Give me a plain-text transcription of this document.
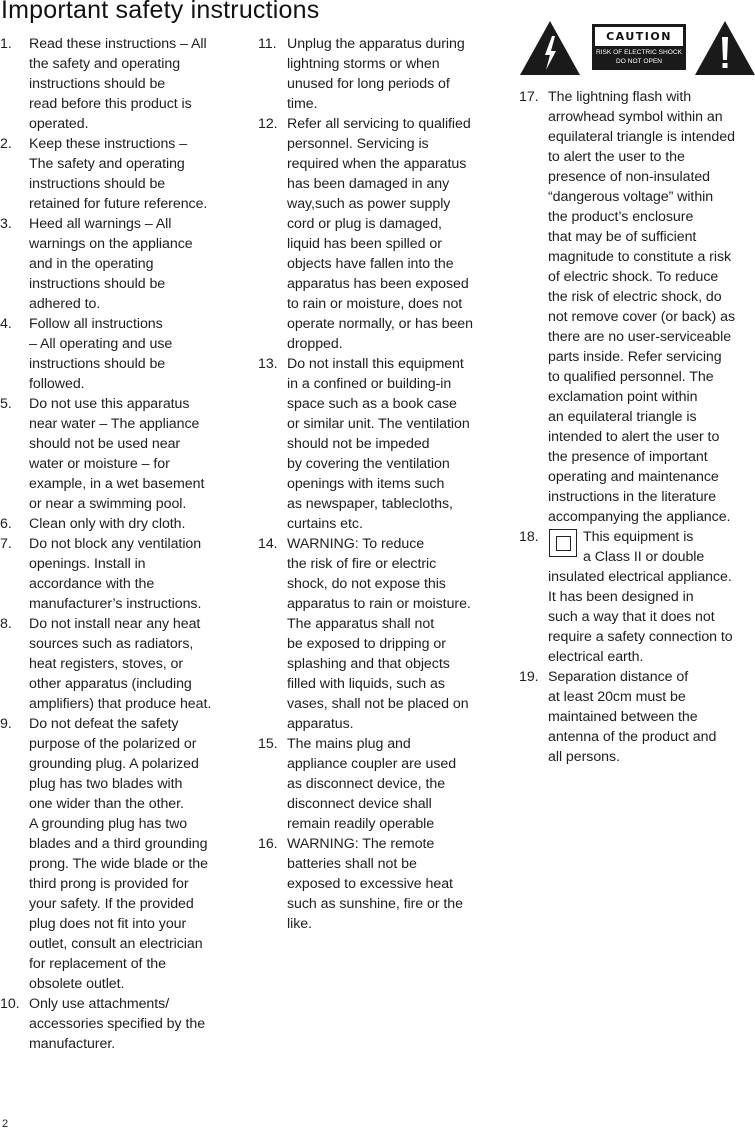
Important safety instructions
CAUTION
RISK OF ELECTRIC SHOCK
DO NOT OPEN
1. Read these instructions – All
the safety and operating
instructions should be
read before this product is
operated.
2. Keep these instructions –
The safety and operating
instructions should be
retained for future reference.
3. Heed all warnings – All
warnings on the appliance
and in the operating
instructions should be
adhered to.
4. Follow all instructions
– All operating and use
instructions should be
followed.
5. Do not use this apparatus
near water – The appliance
should not be used near
water or moisture – for
example, in a wet basement
or near a swimming pool.
6. Clean only with dry cloth.
7. Do not block any ventilation
openings. Install in
accordance with the
manufacturer’s instructions.
8. Do not install near any heat
sources such as radiators,
heat registers, stoves, or
other apparatus (including
amplifiers) that produce heat.
9. Do not defeat the safety
purpose of the polarized or
grounding plug. A polarized
plug has two blades with
one wider than the other.
A grounding plug has two
blades and a third grounding
prong. The wide blade or the
third prong is provided for
your safety. If the provided
plug does not fit into your
outlet, consult an electrician
for replacement of the
obsolete outlet.
10. Only use attachments/
accessories specified by the
manufacturer.
11. Unplug the apparatus during
lightning storms or when
unused for long periods of
time.
12. Refer all servicing to qualified
personnel. Servicing is
required when the apparatus
has been damaged in any
way,such as power supply
cord or plug is damaged,
liquid has been spilled or
objects have fallen into the
apparatus has been exposed
to rain or moisture, does not
operate normally, or has been
dropped.
13. Do not install this equipment
in a confined or building-in
space such as a book case
or similar unit. The ventilation
should not be impeded
by covering the ventilation
openings with items such
as newspaper, tablecloths,
curtains etc.
14. WARNING: To reduce
the risk of fire or electric
shock, do not expose this
apparatus to rain or moisture.
The apparatus shall not
be exposed to dripping or
splashing and that objects
filled with liquids, such as
vases, shall not be placed on
apparatus.
15. The mains plug and
appliance coupler are used
as disconnect device, the
disconnect device shall
remain readily operable
16. WARNING: The remote
batteries shall not be
exposed to excessive heat
such as sunshine, fire or the
like.
17. The lightning flash with
arrowhead symbol within an
equilateral triangle is intended
to alert the user to the
presence of non-insulated
“dangerous voltage” within
the product’s enclosure
that may be of sufficient
magnitude to constitute a risk
of electric shock. To reduce
the risk of electric shock, do
not remove cover (or back) as
there are no user-serviceable
parts inside. Refer servicing
to qualified personnel. The
exclamation point within
an equilateral triangle is
intended to alert the user to
the presence of important
operating and maintenance
instructions in the literature
accompanying the appliance.
18.	This equipment is
a Class II or double
insulated electrical appliance.
It has been designed in
such a way that it does not
require a safety connection to
electrical earth.
19. Separation distance of
at least 20cm must be
maintained between the
antenna of the product and
all persons.
2
